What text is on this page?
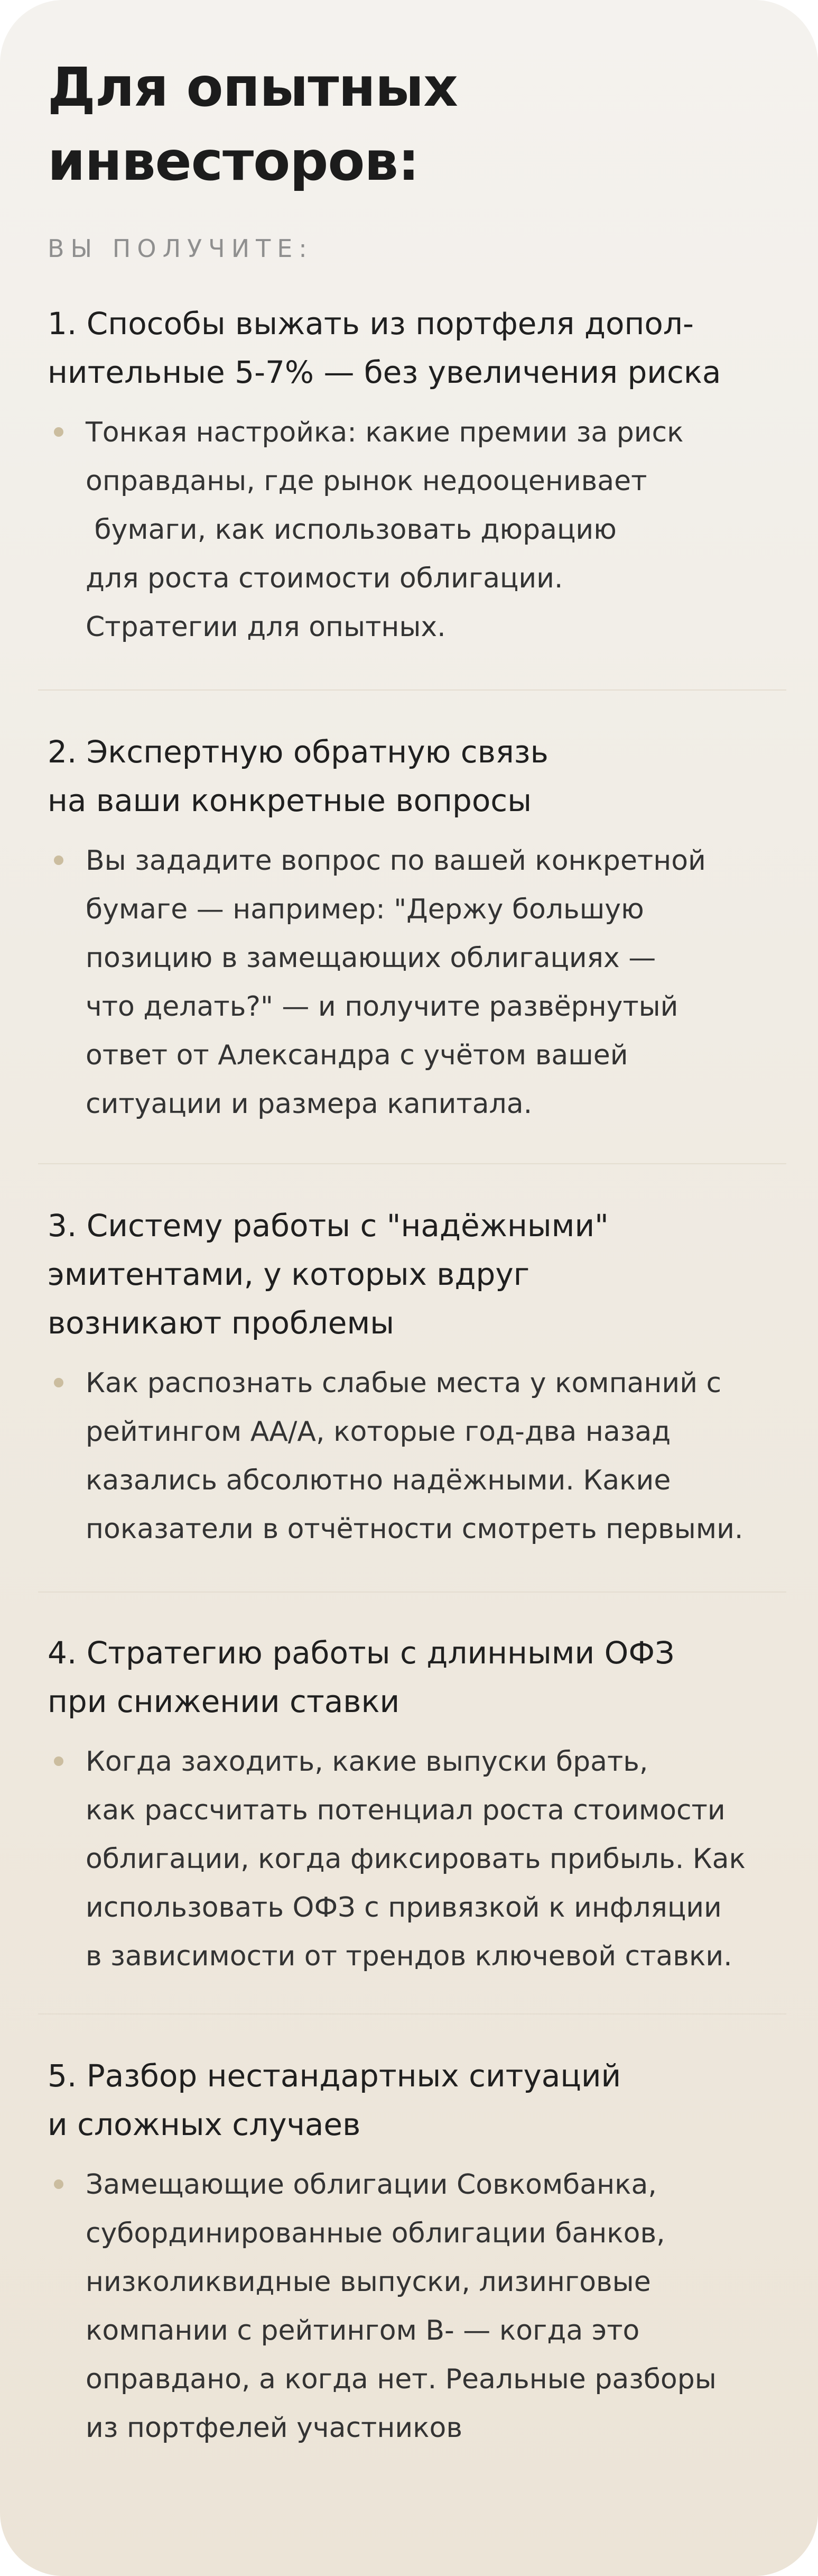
Для опытных
инвесторов:
ВЫ ПОЛУЧИТЕ:
1. Способы выжать из портфеля допол-
нительные 5-7% — без увеличения риска
Тонкая настройка: какие премии за риск
оправданы, где рынок недооценивает
бумаги, как использовать дюрацию
для роста стоимости облигации.
Стратегии для опытных.
2. Экспертную обратную связь
на ваши конкретные вопросы
Вы зададите вопрос по вашей конкретной
бумаге — например: "Держу большую
позицию в замещающих облигациях —
что делать?" — и получите развёрнутый
ответ от Александра с учётом вашей
ситуации и размера капитала.
3. Систему работы с "надёжными"
эмитентами, у которых вдруг
возникают проблемы
Как распознать слабые места у компаний с
рейтингом АА/А, которые год-два назад
казались абсолютно надёжными. Какие
показатели в отчётности смотреть первыми.
4. Стратегию работы с длинными ОФЗ
при снижении ставки
Когда заходить, какие выпуски брать,
как рассчитать потенциал роста стоимости
облигации, когда фиксировать прибыль. Как
использовать ОФЗ с привязкой к инфляции
в зависимости от трендов ключевой ставки.
5. Разбор нестандартных ситуаций
и сложных случаев
Замещающие облигации Совкомбанка,
субординированные облигации банков,
низколиквидные выпуски, лизинговые
компании с рейтингом В- — когда это
оправдано, а когда нет. Реальные разборы
из портфелей участников
